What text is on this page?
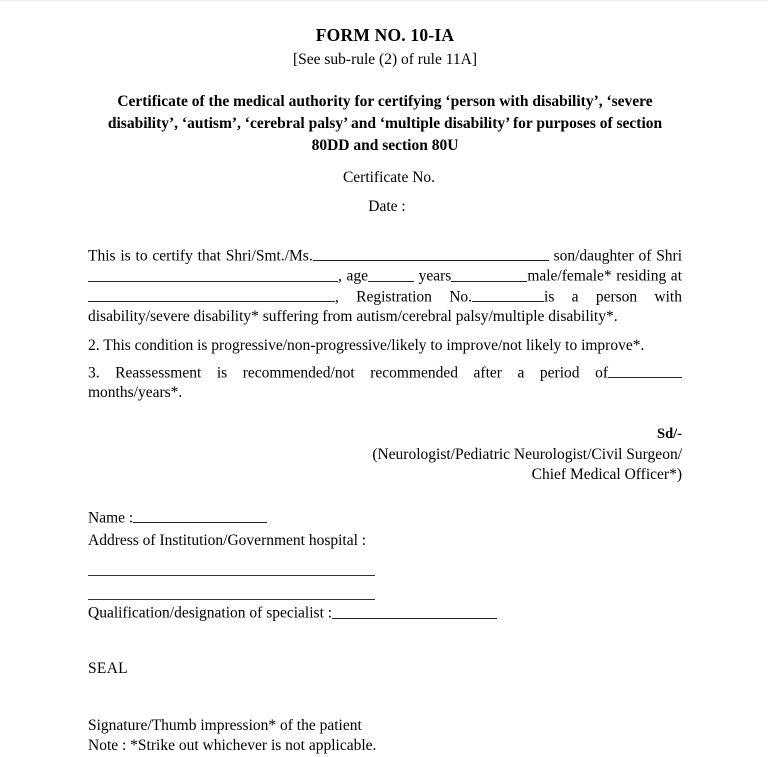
FORM NO. 10-IA
[See sub-rule (2) of rule 11A]
Certificate of the medical authority for certifying ‘person with disability’, ‘severe disability’, ‘autism’, ‘cerebral palsy’ and ‘multiple disability’ for purposes of section 80DD and section 80U
Certificate No.
Date :
This is to certify that Shri/Smt./Ms.	son/daughter of Shri, age	years	male/female* residing at, Registration No.	is a person with disability/severe disability* suffering from autism/cerebral palsy/multiple disability*.
2. This condition is progressive/non-progressive/likely to improve/not likely to improve*.
3. Reassessment is recommended/not recommended after a period ofmonths/years*.
Sd/-
(Neurologist/Pediatric Neurologist/Civil Surgeon/
Chief Medical Officer*)
Name :
Address of Institution/Government hospital :
Qualification/designation of specialist :
SEAL
Signature/Thumb impression* of the patient
Note : *Strike out whichever is not applicable.
